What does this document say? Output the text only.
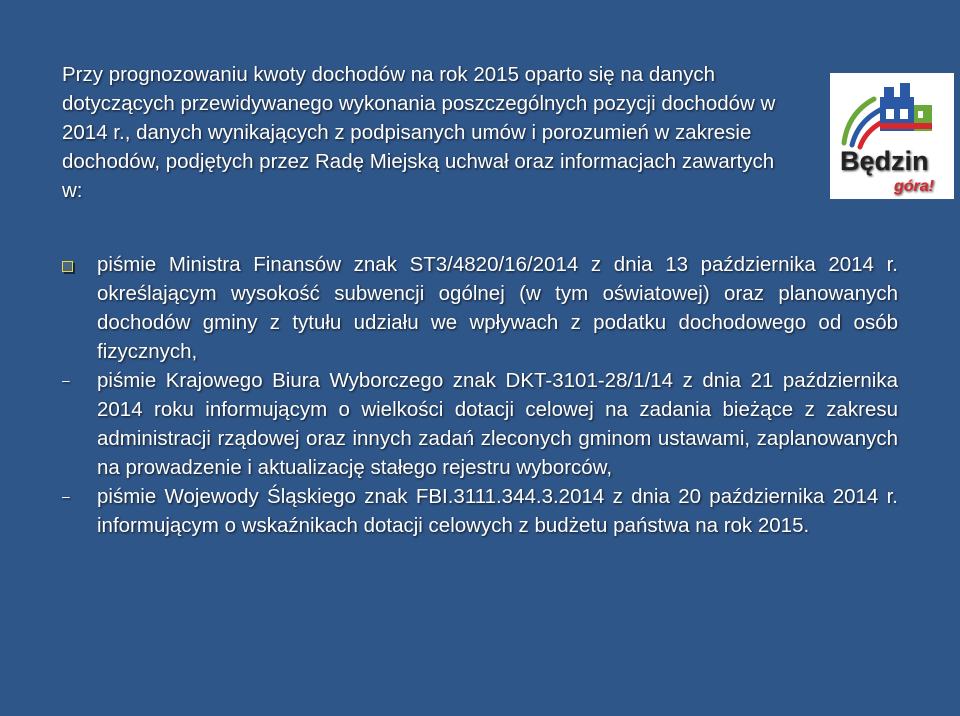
Przy prognozowaniu kwoty dochodów na rok 2015 oparto się na danych dotyczących przewidywanego wykonania poszczególnych pozycji dochodów w 2014 r., danych wynikających z podpisanych umów i porozumień w zakresie dochodów, podjętych przez Radę Miejską uchwał oraz informacjach zawartych w:

Będzin
góra!
piśmie Ministra Finansów znak ST3/4820/16/2014 z dnia 13 października 2014 r. określającym wysokość subwencji ogólnej (w tym oświatowej) oraz planowanych dochodów gminy z tytułu udziału we wpływach z podatku dochodowego od osób fizycznych,
– piśmie Krajowego Biura Wyborczego znak DKT-3101-28/1/14 z dnia 21 października 2014 roku informującym o wielkości dotacji celowej na zadania bieżące z zakresu administracji rządowej oraz innych zadań zleconych gminom ustawami, zaplanowanych na prowadzenie i aktualizację stałego rejestru wyborców,
– piśmie Wojewody Śląskiego znak FBI.3111.344.3.2014 z dnia 20 października 2014 r. informującym o wskaźnikach dotacji celowych z budżetu państwa na rok 2015.
